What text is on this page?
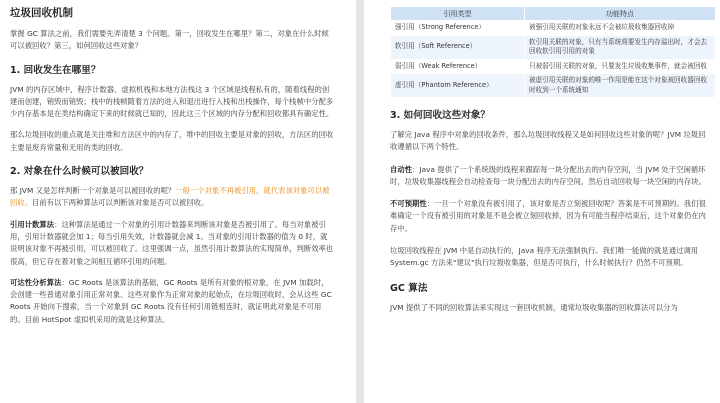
垃圾回收机制

掌握 GC 算法之前，我们需要先弄清楚 3 个问题。第一，回收发生在哪里？第二，对象在什么时候可以被回收？第三，如何回收这些对象？

1. 回收发生在哪里？

JVM 的内存区域中，程序计数器、虚拟机栈和本地方法栈这 3 个区域是线程私有的，随着线程的创建而创建，销毁而销毁；栈中的栈帧随着方法的进入和退出进行入栈和出栈操作，每个栈帧中分配多少内存基本是在类结构确定下来的时候就已知的，因此这三个区域的内存分配和回收都具有确定性。

那么垃圾回收的重点就是关注堆和方法区中的内存了，堆中的回收主要是对象的回收，方法区的回收主要是废弃常量和无用的类的回收。

2. 对象在什么时候可以被回收？

那 JVM 又是怎样判断一个对象是可以被回收的呢？一般一个对象不再被引用，就代表该对象可以被回收。目前有以下两种算法可以判断该对象是否可以被回收。

引用计数算法：这种算法是通过一个对象的引用计数器来判断该对象是否被引用了。每当对象被引用，引用计数器就会加 1；每当引用失效，计数器就会减 1。当对象的引用计数器的值为 0 时，就说明该对象不再被引用，可以被回收了。这里强调一点，虽然引用计数算法的实现简单，判断效率也很高，但它存在着对象之间相互循环引用的问题。

可达性分析算法：GC Roots 是该算法的基础，GC Roots 是所有对象的根对象，在 JVM 加载时，会创建一些普通对象引用正常对象。这些对象作为正常对象的起始点，在垃圾回收时，会从这些 GC Roots 开始向下搜索，当一个对象到 GC Roots 没有任何引用链相连时，就证明此对象是不可用的。目前 HotSpot 虚拟机采用的就是这种算法。

引用类型	功能特点
强引用（Strong Reference）	被强引用关联的对象永远不会被垃圾收集器回收掉
软引用（Soft Reference）	软引用关联的对象，只有当系统将要发生内存溢出时，才会去回收软引用引用的对象
弱引用（Weak Reference）	只被弱引用关联的对象，只要发生垃圾收集事件，就会被回收
虚引用（Phantom Reference）	被虚引用关联的对象的唯一作用是能在这个对象被回收器回收时收到一个系统通知
3. 如何回收这些对象？

了解完 Java 程序中对象的回收条件，那么垃圾回收线程又是如何回收这些对象的呢？JVM 垃圾回收遵循以下两个特性。

自动性：Java 提供了一个系统级的线程来跟踪每一块分配出去的内存空间，当 JVM 处于空闲循环时，垃圾收集器线程会自动检查每一块分配出去的内存空间，然后自动回收每一块空闲的内存块。

不可预期性：一旦一个对象没有被引用了，该对象是否立刻被回收呢？答案是不可预期的。我们很难确定一个没有被引用的对象是不是会被立刻回收掉，因为有可能当程序结束后，这个对象仍在内存中。

垃圾回收线程在 JVM 中是自动执行的，Java 程序无法强制执行。我们唯一能做的就是通过调用 System.gc 方法来"建议"执行垃圾收集器，但是否可执行，什么时候执行？仍然不可预期。

GC 算法

JVM 提供了不同的回收算法来实现这一套回收机制，通常垃圾收集器的回收算法可以分为
